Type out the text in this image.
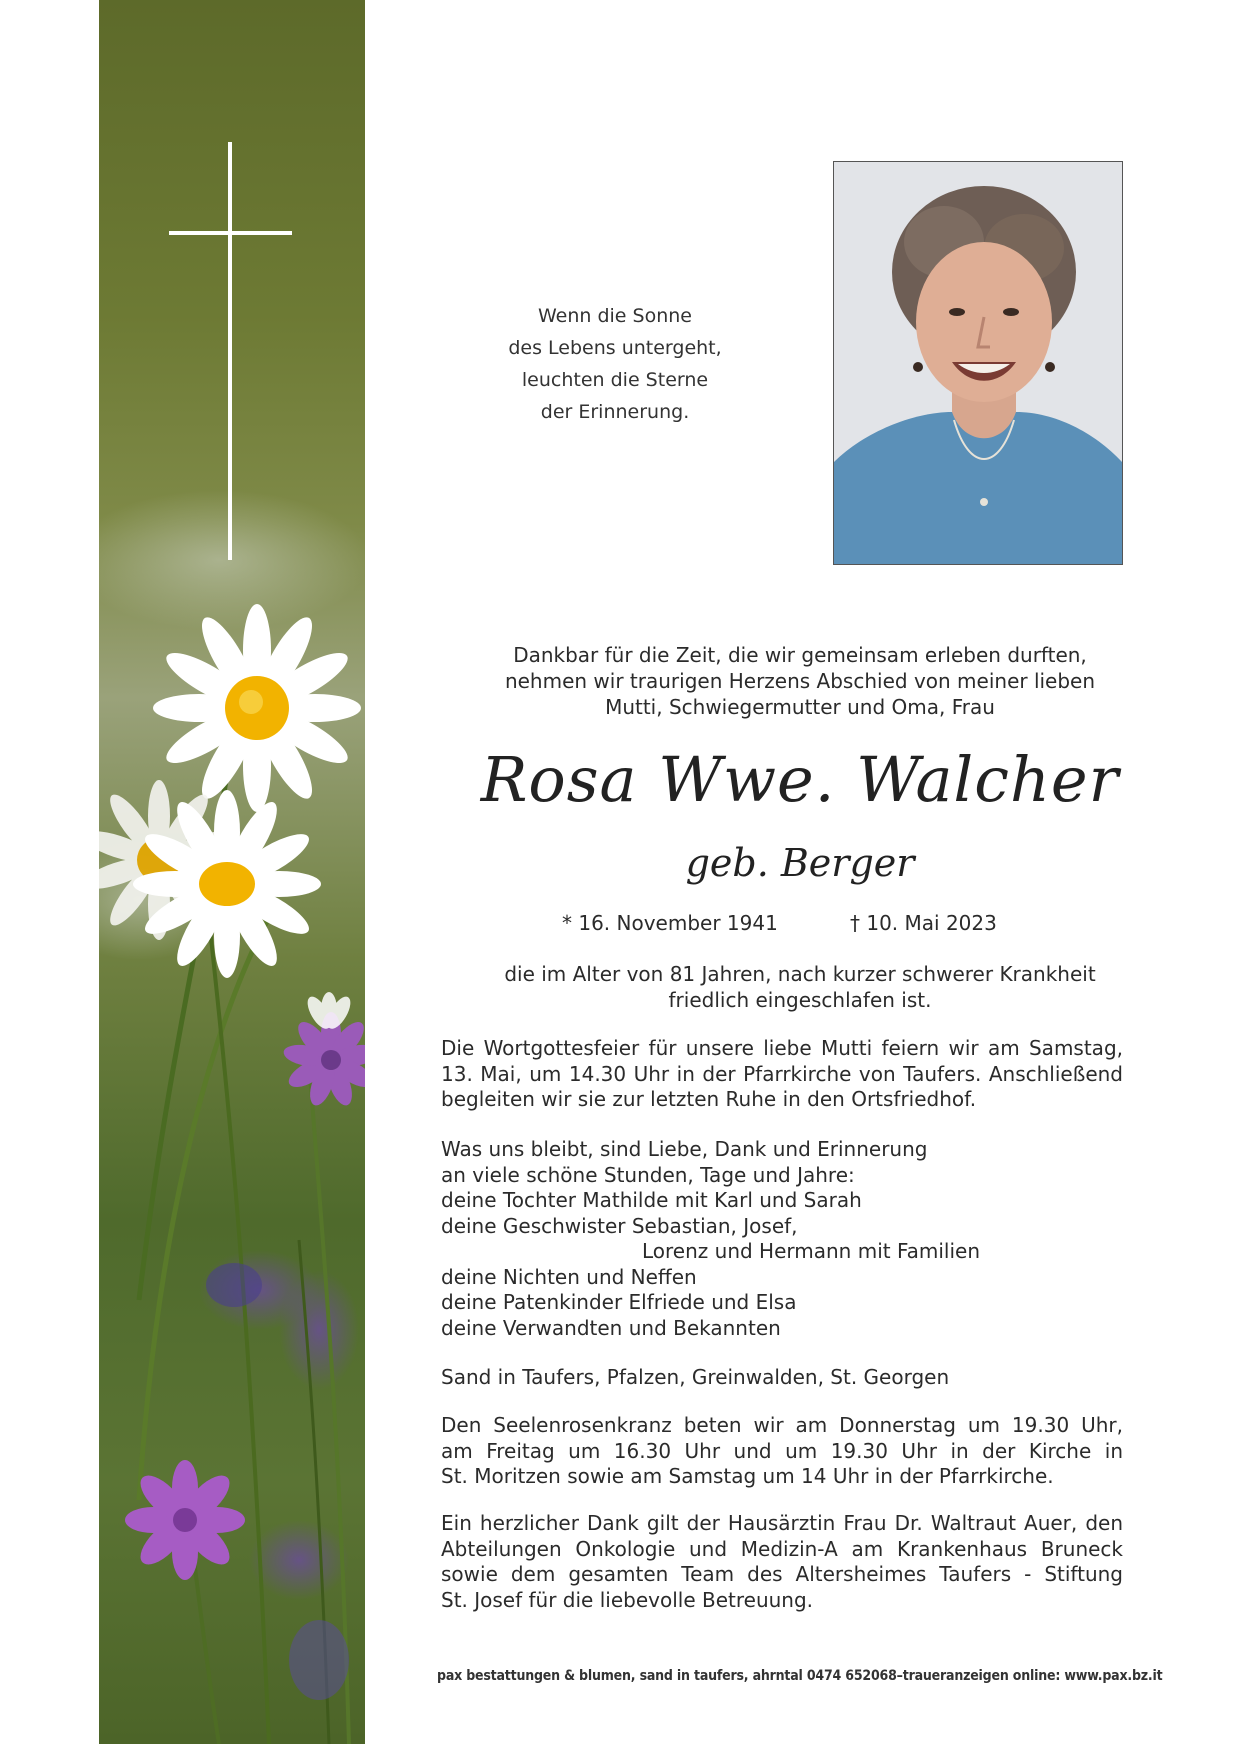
Wenn die Sonne
des Lebens untergeht,
leuchten die Sterne
der Erinnerung.
Dankbar für die Zeit, die wir gemeinsam erleben durften,
nehmen wir traurigen Herzens Abschied von meiner lieben
Mutti, Schwiegermutter und Oma, Frau
Rosa Wwe. Walcher
geb. Berger
* 16. November 1941	† 10. Mai 2023
die im Alter von 81 Jahren, nach kurzer schwerer Krankheit
friedlich eingeschlafen ist.
Die Wortgottesfeier für unsere liebe Mutti feiern wir am Samstag,
13. Mai, um 14.30 Uhr in der Pfarrkirche von Taufers. Anschließend
begleiten wir sie zur letzten Ruhe in den Ortsfriedhof.
Was uns bleibt, sind Liebe, Dank und Erinnerung
an viele schöne Stunden, Tage und Jahre:
deine Tochter Mathilde mit Karl und Sarah
deine Geschwister Sebastian, Josef,
Lorenz und Hermann mit Familien
deine Nichten und Neffen
deine Patenkinder Elfriede und Elsa
deine Verwandten und Bekannten
Sand in Taufers, Pfalzen, Greinwalden, St. Georgen
Den Seelenrosenkranz beten wir am Donnerstag um 19.30 Uhr,
am Freitag um 16.30 Uhr und um 19.30 Uhr in der Kirche in
St. Moritzen sowie am Samstag um 14 Uhr in der Pfarrkirche.
Ein herzlicher Dank gilt der Hausärztin Frau Dr. Waltraut Auer, den
Abteilungen Onkologie und Medizin-A am Krankenhaus Bruneck
sowie dem gesamten Team des Altersheimes Taufers - Stiftung
St. Josef für die liebevolle Betreuung.
pax bestattungen & blumen, sand in taufers, ahrntal 0474 652068–traueranzeigen online: www.pax.bz.it
